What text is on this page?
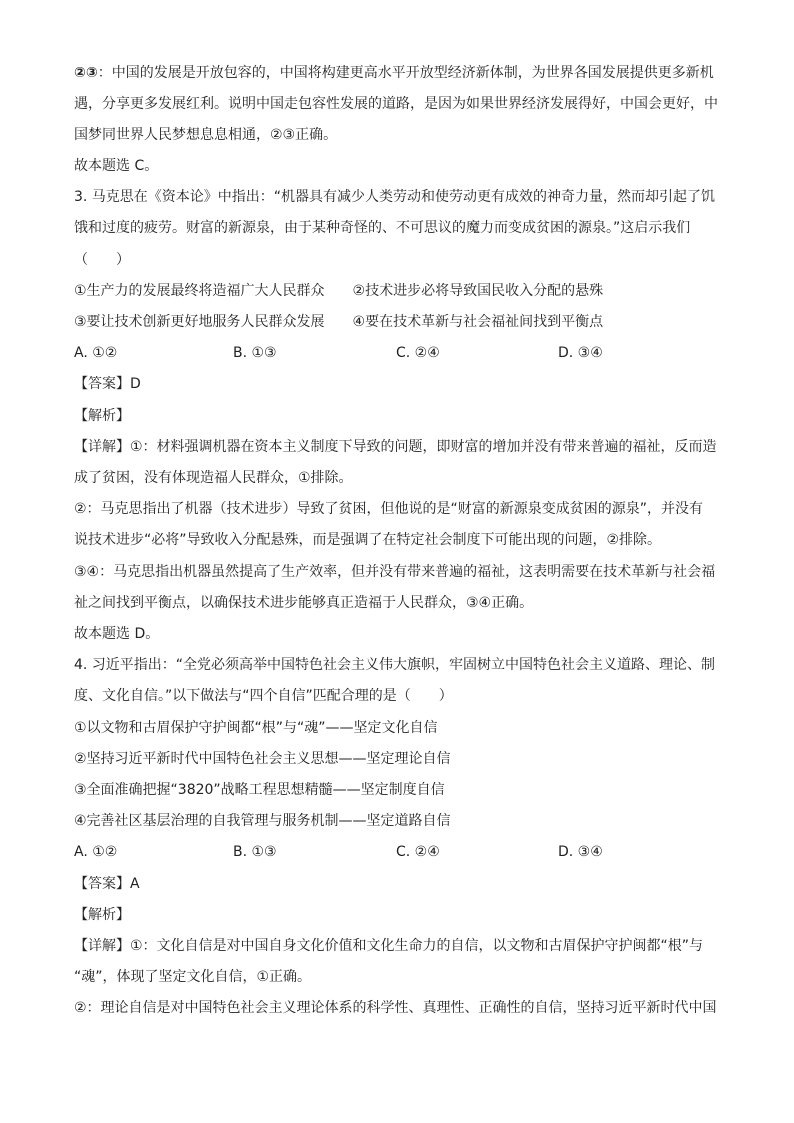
②③：中国的发展是开放包容的，中国将构建更高水平开放型经济新体制，为世界各国发展提供更多新机
遇，分享更多发展红利。说明中国走包容性发展的道路，是因为如果世界经济发展得好，中国会更好，中
国梦同世界人民梦想息息相通，②③正确。
故本题选 C。
3. 马克思在《资本论》中指出：“机器具有减少人类劳动和使劳动更有成效的神奇力量，然而却引起了饥
饿和过度的疲劳。财富的新源泉，由于某种奇怪的、不可思议的魔力而变成贫困的源泉。”这启示我们
（　　）
①生产力的发展最终将造福广大人民群众　　②技术进步必将导致国民收入分配的悬殊
③要让技术创新更好地服务人民群众发展　　④要在技术革新与社会福祉间找到平衡点
A. ①②	B. ①③	C. ②④	D. ③④
【答案】D
【解析】
【详解】①：材料强调机器在资本主义制度下导致的问题，即财富的增加并没有带来普遍的福祉，反而造
成了贫困，没有体现造福人民群众，①排除。
②：马克思指出了机器（技术进步）导致了贫困，但他说的是“财富的新源泉变成贫困的源泉”，并没有
说技术进步“必将”导致收入分配悬殊，而是强调了在特定社会制度下可能出现的问题，②排除。
③④：马克思指出机器虽然提高了生产效率，但并没有带来普遍的福祉，这表明需要在技术革新与社会福
祉之间找到平衡点，以确保技术进步能够真正造福于人民群众，③④正确。
故本题选 D。
4. 习近平指出：“全党必须高举中国特色社会主义伟大旗帜，牢固树立中国特色社会主义道路、理论、制
度、文化自信。”以下做法与“四个自信”匹配合理的是（　　）
①以文物和古眉保护守护闽都“根”与“魂”——坚定文化自信
②坚持习近平新时代中国特色社会主义思想——坚定理论自信
③全面准确把握“3820”战略工程思想精髓——坚定制度自信
④完善社区基层治理的自我管理与服务机制——坚定道路自信
A. ①②	B. ①③	C. ②④	D. ③④
【答案】A
【解析】
【详解】①：文化自信是对中国自身文化价值和文化生命力的自信，以文物和古眉保护守护闽都“根”与
“魂”，体现了坚定文化自信，①正确。
②：理论自信是对中国特色社会主义理论体系的科学性、真理性、正确性的自信，坚持习近平新时代中国
